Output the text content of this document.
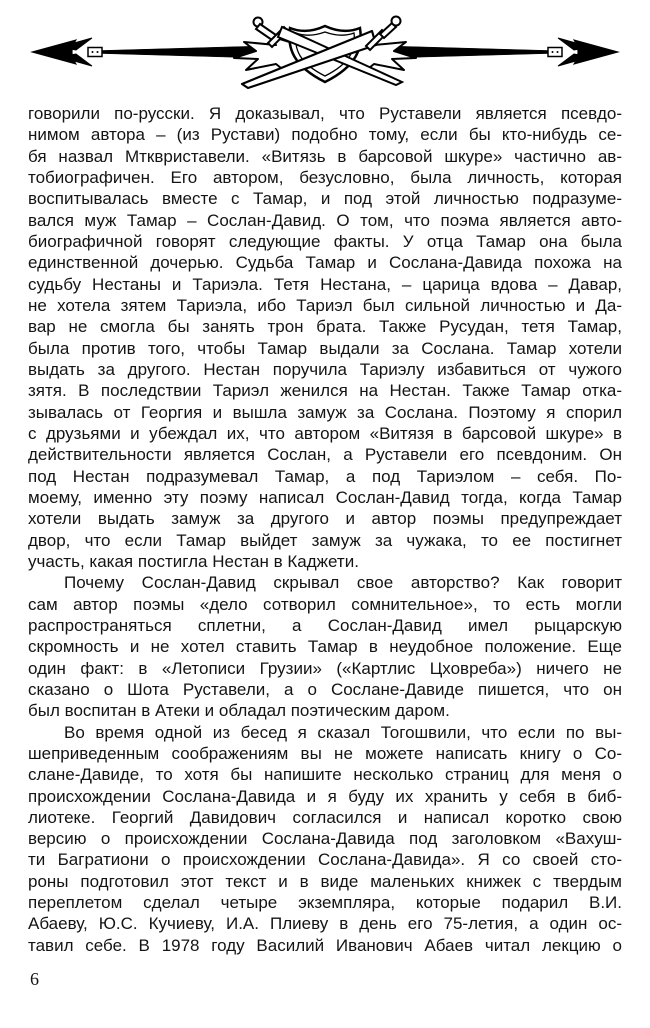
говорили по-русски. Я доказывал, что Руставели является псевдо-
нимом автора – (из Рустави) подобно тому, если бы кто-нибудь се-
бя назвал Мтквриставели. «Витязь в барсовой шкуре» частично ав-
тобиографичен. Его автором, безусловно, была личность, которая
воспитывалась вместе с Тамар, и под этой личностью подразуме-
вался муж Тамар – Сослан-Давид. О том, что поэма является авто-
биографичной говорят следующие факты. У отца Тамар она была
единственной дочерью. Судьба Тамар и Сослана-Давида похожа на
судьбу Нестаны и Тариэла. Тетя Нестана, – царица вдова – Давар,
не хотела зятем Тариэла, ибо Тариэл был сильной личностью и Да-
вар не смогла бы занять трон брата. Также Русудан, тетя Тамар,
была против того, чтобы Тамар выдали за Сослана. Тамар хотели
выдать за другого. Нестан поручила Тариэлу избавиться от чужого
зятя. В последствии Тариэл женился на Нестан. Также Тамар отка-
зывалась от Георгия и вышла замуж за Сослана. Поэтому я спорил
с друзьями и убеждал их, что автором «Витязя в барсовой шкуре» в
действительности является Сослан, а Руставели его псевдоним. Он
под Нестан подразумевал Тамар, а под Тариэлом – себя. По-
моему, именно эту поэму написал Сослан-Давид тогда, когда Тамар
хотели выдать замуж за другого и автор поэмы предупреждает
двор, что если Тамар выйдет замуж за чужака, то ее постигнет
участь, какая постигла Нестан в Каджети.
Почему Сослан-Давид скрывал свое авторство? Как говорит
сам автор поэмы «дело сотворил сомнительное», то есть могли
распространяться сплетни, а Сослан-Давид имел рыцарскую
скромность и не хотел ставить Тамар в неудобное положение. Еще
один факт: в «Летописи Грузии» («Картлис Цховреба») ничего не
сказано о Шота Руставели, а о Сослане-Давиде пишется, что он
был воспитан в Атеки и обладал поэтическим даром.
Во время одной из бесед я сказал Тогошвили, что если по вы-
шеприведенным соображениям вы не можете написать книгу о Со-
слане-Давиде, то хотя бы напишите несколько страниц для меня о
происхождении Сослана-Давида и я буду их хранить у себя в биб-
лиотеке. Георгий Давидович согласился и написал коротко свою
версию о происхождении Сослана-Давида под заголовком «Вахуш-
ти Багратиони о происхождении Сослана-Давида». Я со своей сто-
роны подготовил этот текст и в виде маленьких книжек с твердым
переплетом сделал четыре экземпляра, которые подарил В.И.
Абаеву, Ю.С. Кучиеву, И.А. Плиеву в день его 75-летия, а один ос-
тавил себе. В 1978 году Василий Иванович Абаев читал лекцию о
6
